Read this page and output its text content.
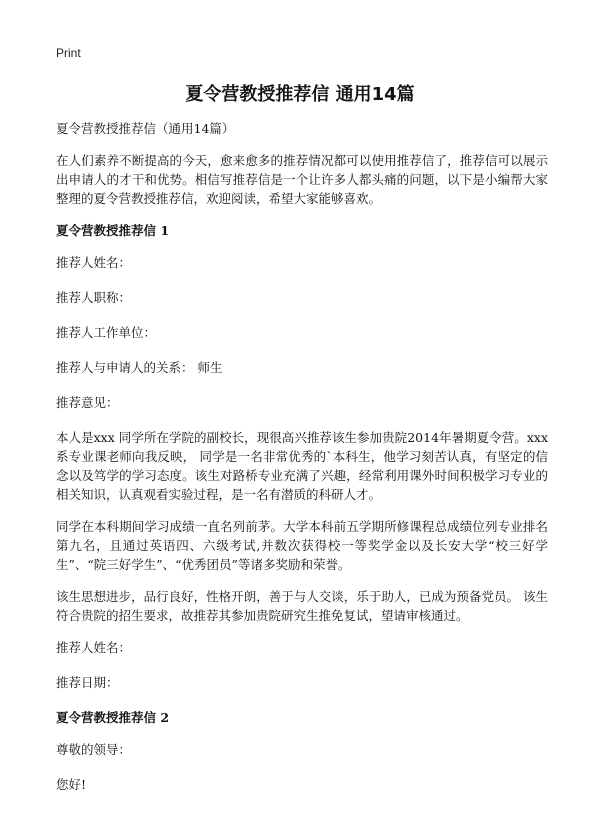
Print
夏令营教授推荐信 通用14篇

夏令营教授推荐信（通用14篇）

在人们素养不断提高的今天，愈来愈多的推荐情况都可以使用推荐信了，推荐信可以展示出申请人的才干和优势。相信写推荐信是一个让许多人都头痛的问题，以下是小编帮大家整理的夏令营教授推荐信，欢迎阅读，希望大家能够喜欢。

夏令营教授推荐信 1

推荐人姓名：

推荐人职称：

推荐人工作单位：

推荐人与申请人的关系： 师生

推荐意见：

本人是xxx 同学所在学院的副校长，现很高兴推荐该生参加贵院2014年暑期夏令营。xxx 系专业课老师向我反映， 同学是一名非常优秀的`本科生，他学习刻苦认真，有坚定的信念以及笃学的学习态度。该生对路桥专业充满了兴趣，经常利用课外时间积极学习专业的相关知识，认真观看实验过程，是一名有潜质的科研人才。

同学在本科期间学习成绩一直名列前茅。大学本科前五学期所修课程总成绩位列专业排名第九名，且通过英语四、六级考试,并数次获得校一等奖学金以及长安大学“校三好学生”、“院三好学生”、“优秀团员”等诸多奖励和荣誉。

该生思想进步，品行良好，性格开朗，善于与人交谈，乐于助人，已成为预备党员。 该生符合贵院的招生要求，故推荐其参加贵院研究生推免复试，望请审核通过。

推荐人姓名：

推荐日期：

夏令营教授推荐信 2

尊敬的领导：

您好!
